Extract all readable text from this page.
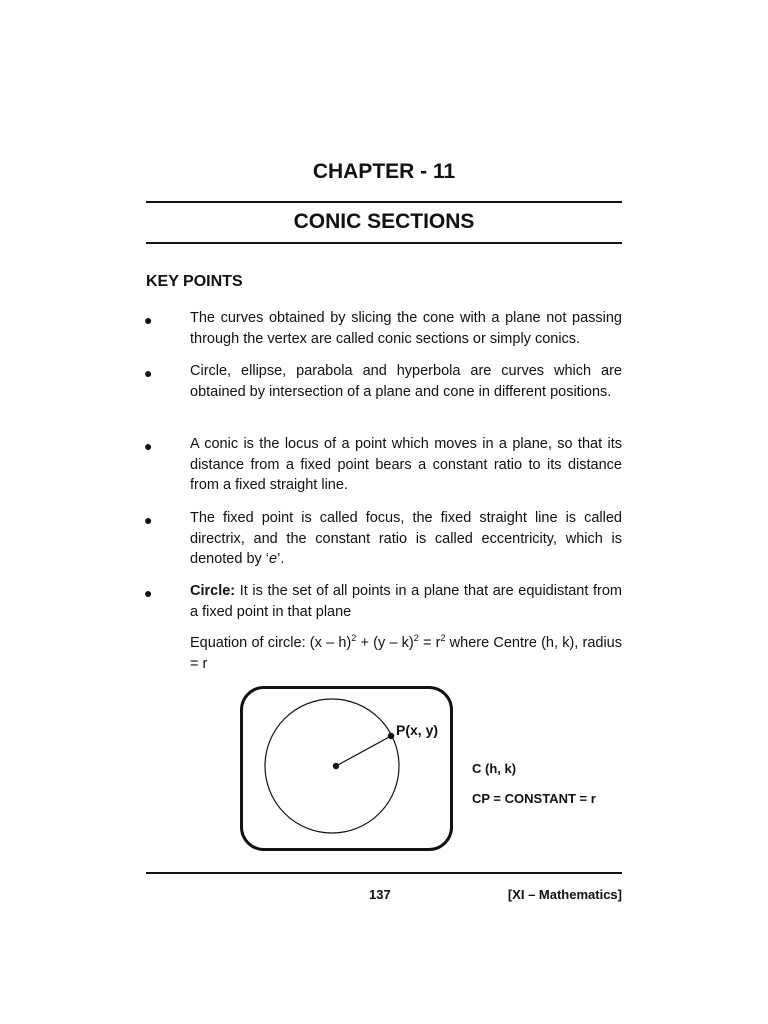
CHAPTER - 11
CONIC SECTIONS
KEY POINTS
●	The curves obtained by slicing the cone with a plane not passing through the vertex are called conic sections or simply conics.
●	Circle, ellipse, parabola and hyperbola are curves which are obtained by intersection of a plane and cone in different positions.
●	A conic is the locus of a point which moves in a plane, so that its distance from a fixed point bears a constant ratio to its distance from a fixed straight line.
●	The fixed point is called focus, the fixed straight line is called directrix, and the constant ratio is called eccentricity, which is denoted by ‘e’.
●	Circle: It is the set of all points in a plane that are equidistant from a fixed point in that plane
Equation of circle: $(x - h)^2 + (y - k)^2 = r^2$ where Centre (h, k), radius = r
P(x, y)
C (h, k)
CP = CONSTANT = r
137	[XI – Mathematics]
